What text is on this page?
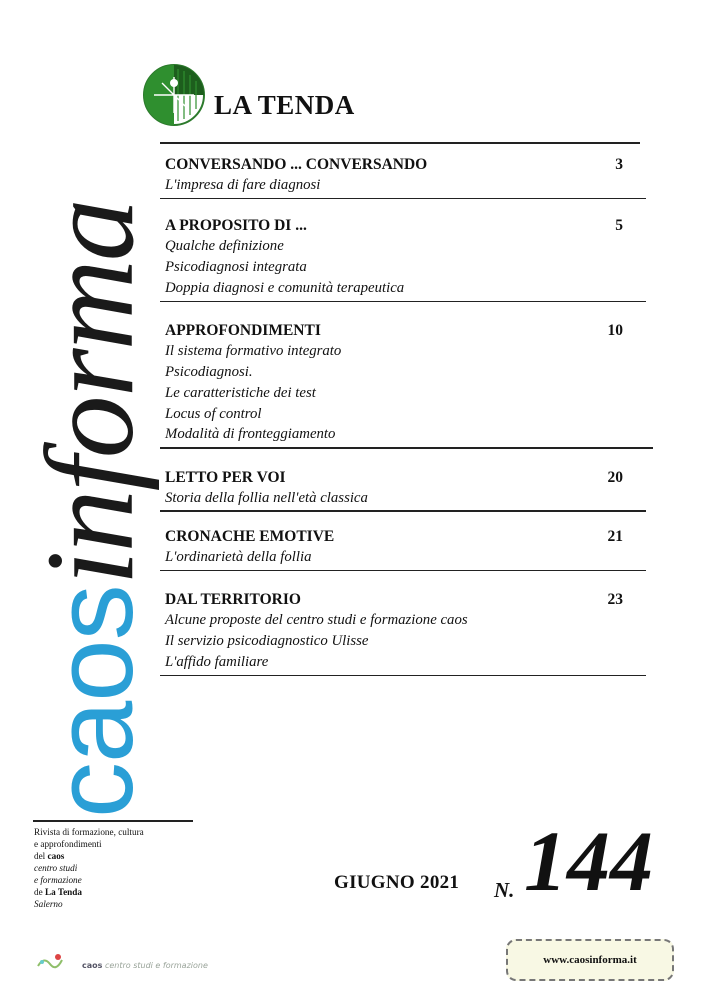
caosinforma
LA TENDA
CONVERSANDO ... CONVERSANDO	3
L'impresa di fare diagnosi
A PROPOSITO DI ...	5
Qualche definizione
Psicodiagnosi integrata
Doppia diagnosi e comunità terapeutica
APPROFONDIMENTI	10
Il sistema formativo integrato
Psicodiagnosi.
Le caratteristiche dei test
Locus of control
Modalità di fronteggiamento
LETTO PER VOI	20
Storia della follia nell'età classica
CRONACHE EMOTIVE	21
L'ordinarietà della follia
DAL TERRITORIO	23
Alcune proposte del centro studi e formazione caos
Il servizio psicodiagnostico Ulisse
L'affido familiare
Rivista di formazione, cultura
e approfondimenti
del caos
centro studi
e formazione
de La Tenda
Salerno
GIUGNO 2021 N. 144
caos centro studi e formazione	www.caosinforma.it
